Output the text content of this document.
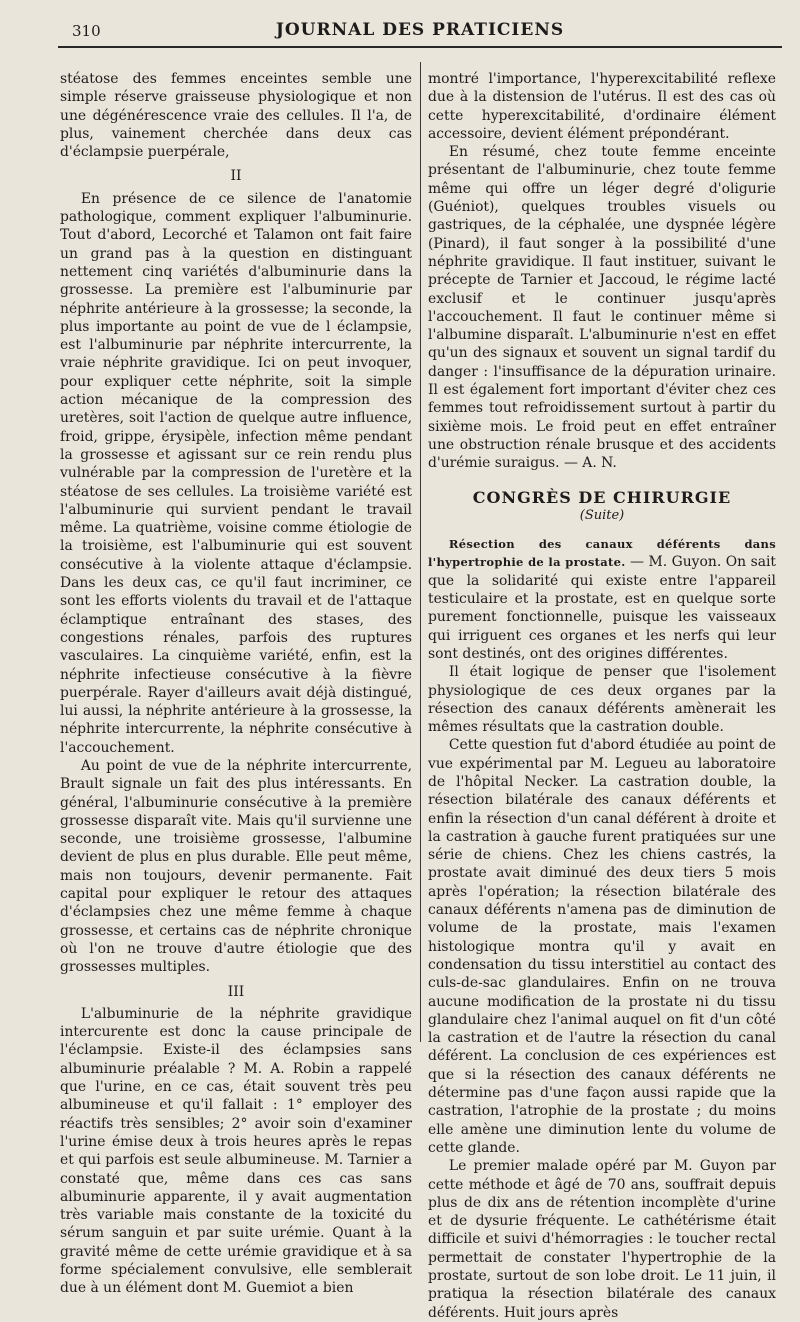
310	JOURNAL DES PRATICIENS

stéatose des femmes enceintes semble une simple réserve graisseuse physiologique et non une dégénérescence vraie des cellules. Il l'a, de plus, vainement cherchée dans deux cas d'éclampsie puerpérale,

II

En présence de ce silence de l'anatomie pathologique, comment expliquer l'albuminurie. Tout d'abord, Lecorché et Talamon ont fait faire un grand pas à la question en distinguant nettement cinq variétés d'albuminurie dans la grossesse. La première est l'albuminurie par néphrite antérieure à la grossesse; la seconde, la plus importante au point de vue de l éclampsie, est l'albuminurie par néphrite intercurrente, la vraie néphrite gravidique. Ici on peut invoquer, pour expliquer cette néphrite, soit la simple action mécanique de la compression des uretères, soit l'action de quelque autre influence, froid, grippe, érysipèle, infection même pendant la grossesse et agissant sur ce rein rendu plus vulnérable par la compression de l'uretère et la stéatose de ses cellules. La troisième variété est l'albuminurie qui survient pendant le travail même. La quatrième, voisine comme étiologie de la troisième, est l'albuminurie qui est souvent consécutive à la violente attaque d'éclampsie. Dans les deux cas, ce qu'il faut incriminer, ce sont les efforts violents du travail et de l'attaque éclamptique entraînant des stases, des congestions rénales, parfois des ruptures vasculaires. La cinquième variété, enfin, est la néphrite infectieuse consécutive à la fièvre puerpérale. Rayer d'ailleurs avait déjà distingué, lui aussi, la néphrite antérieure à la grossesse, la néphrite intercurrente, la néphrite consécutive à l'accouchement.

Au point de vue de la néphrite intercurrente, Brault signale un fait des plus intéressants. En général, l'albuminurie consécutive à la première grossesse disparaît vite. Mais qu'il survienne une seconde, une troisième grossesse, l'albumine devient de plus en plus durable. Elle peut même, mais non toujours, devenir permanente. Fait capital pour expliquer le retour des attaques d'éclampsies chez une même femme à chaque grossesse, et certains cas de néphrite chronique où l'on ne trouve d'autre étiologie que des grossesses multiples.

III

L'albuminurie de la néphrite gravidique intercurente est donc la cause principale de l'éclampsie. Existe-il des éclampsies sans albuminurie préalable ? M. A. Robin a rappelé que l'urine, en ce cas, était souvent très peu albumineuse et qu'il fallait : 1° employer des réactifs très sensibles; 2° avoir soin d'examiner l'urine émise deux à trois heures après le repas et qui parfois est seule albumineuse. M. Tarnier a constaté que, même dans ces cas sans albuminurie apparente, il y avait augmentation très variable mais constante de la toxicité du sérum sanguin et par suite urémie. Quant à la gravité même de cette urémie gravidique et à sa forme spécialement convulsive, elle semblerait due à un élément dont M. Guemiot a bien

montré l'importance, l'hyperexcitabilité reflexe due à la distension de l'utérus. Il est des cas où cette hyperexcitabilité, d'ordinaire élément accessoire, devient élément prépondérant.

En résumé, chez toute femme enceinte présentant de l'albuminurie, chez toute femme même qui offre un léger degré d'oligurie (Guéniot), quelques troubles visuels ou gastriques, de la céphalée, une dyspnée légère (Pinard), il faut songer à la possibilité d'une néphrite gravidique. Il faut instituer, suivant le précepte de Tarnier et Jaccoud, le régime lacté exclusif et le continuer jusqu'après l'accouchement. Il faut le continuer même si l'albumine disparaît. L'albuminurie n'est en effet qu'un des signaux et souvent un signal tardif du danger : l'insuffisance de la dépuration urinaire. Il est également fort important d'éviter chez ces femmes tout refroidissement surtout à partir du sixième mois. Le froid peut en effet entraîner une obstruction rénale brusque et des accidents d'urémie suraigus. — A. N.

CONGRÈS DE CHIRURGIE
(Suite)

Résection des canaux déférents dans l'hypertrophie de la prostate. — M. Guyon. On sait que la solidarité qui existe entre l'appareil testiculaire et la prostate, est en quelque sorte purement fonctionnelle, puisque les vaisseaux qui irriguent ces organes et les nerfs qui leur sont destinés, ont des origines différentes.

Il était logique de penser que l'isolement physiologique de ces deux organes par la résection des canaux déférents amènerait les mêmes résultats que la castration double.

Cette question fut d'abord étudiée au point de vue expérimental par M. Legueu au laboratoire de l'hôpital Necker. La castration double, la résection bilatérale des canaux déférents et enfin la résection d'un canal déférent à droite et la castration à gauche furent pratiquées sur une série de chiens. Chez les chiens castrés, la prostate avait diminué des deux tiers 5 mois après l'opération; la résection bilatérale des canaux déférents n'amena pas de diminution de volume de la prostate, mais l'examen histologique montra qu'il y avait en condensation du tissu interstitiel au contact des culs-de-sac glandulaires. Enfin on ne trouva aucune modification de la prostate ni du tissu glandulaire chez l'animal auquel on fit d'un côté la castration et de l'autre la résection du canal déférent. La conclusion de ces expériences est que si la résection des canaux déférents ne détermine pas d'une façon aussi rapide que la castration, l'atrophie de la prostate ; du moins elle amène une diminution lente du volume de cette glande.

Le premier malade opéré par M. Guyon par cette méthode et âgé de 70 ans, souffrait depuis plus de dix ans de rétention incomplète d'urine et de dysurie fréquente. Le cathétérisme était difficile et suivi d'hémorragies : le toucher rectal permettait de constater l'hypertrophie de la prostate, surtout de son lobe droit. Le 11 juin, il pratiqua la résection bilatérale des canaux déférents. Huit jours après
